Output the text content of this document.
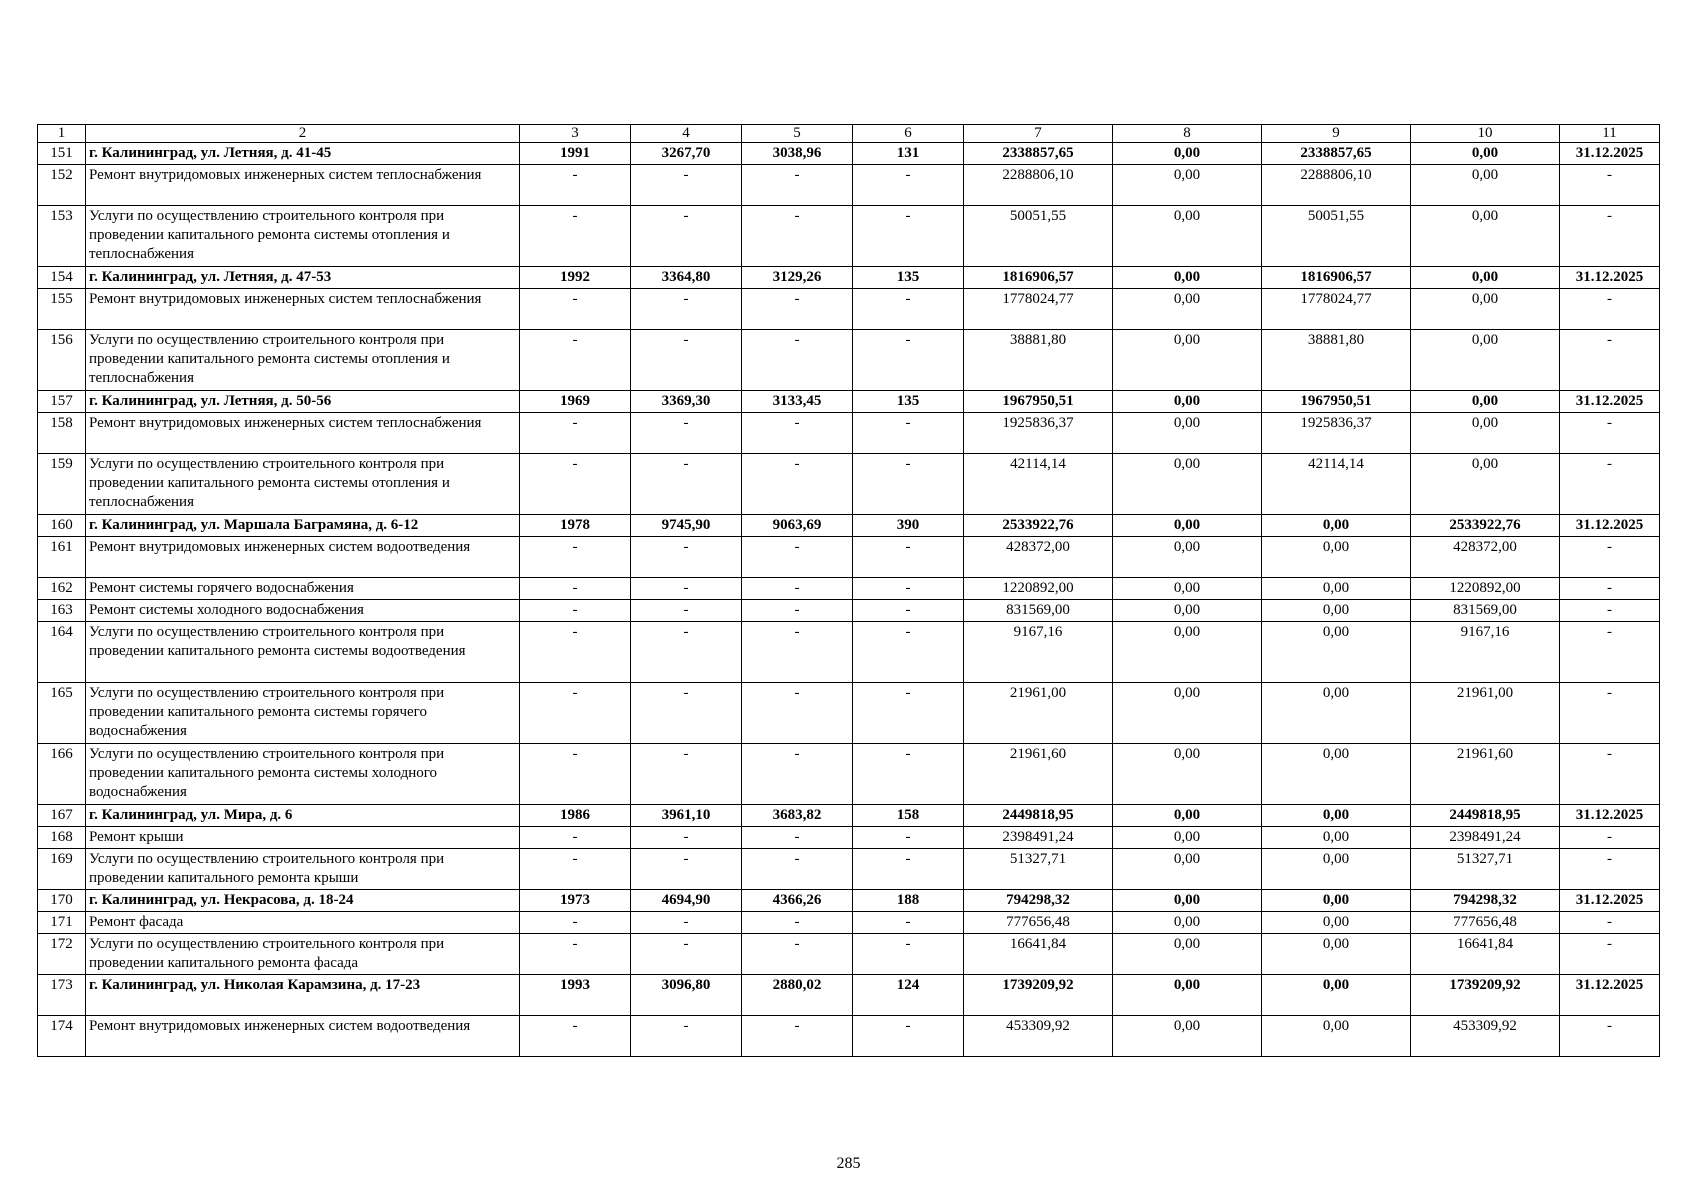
1	2	3	4	5	6	7	8	9	10	11
151	г. Калининград, ул. Летняя, д. 41-45	1991	3267,70	3038,96	131	2338857,65	0,00	2338857,65	0,00	31.12.2025
152	Ремонт внутридомовых инженерных систем теплоснабжения	-	-	-	-	2288806,10	0,00	2288806,10	0,00	-
153	Услуги по осуществлению строительного контроля при проведении капитального ремонта системы отопления и теплоснабжения	-	-	-	-	50051,55	0,00	50051,55	0,00	-
154	г. Калининград, ул. Летняя, д. 47-53	1992	3364,80	3129,26	135	1816906,57	0,00	1816906,57	0,00	31.12.2025
155	Ремонт внутридомовых инженерных систем теплоснабжения	-	-	-	-	1778024,77	0,00	1778024,77	0,00	-
156	Услуги по осуществлению строительного контроля при проведении капитального ремонта системы отопления и теплоснабжения	-	-	-	-	38881,80	0,00	38881,80	0,00	-
157	г. Калининград, ул. Летняя, д. 50-56	1969	3369,30	3133,45	135	1967950,51	0,00	1967950,51	0,00	31.12.2025
158	Ремонт внутридомовых инженерных систем теплоснабжения	-	-	-	-	1925836,37	0,00	1925836,37	0,00	-
159	Услуги по осуществлению строительного контроля при проведении капитального ремонта системы отопления и теплоснабжения	-	-	-	-	42114,14	0,00	42114,14	0,00	-
160	г. Калининград, ул. Маршала Баграмяна, д. 6-12	1978	9745,90	9063,69	390	2533922,76	0,00	0,00	2533922,76	31.12.2025
161	Ремонт внутридомовых инженерных систем водоотведения	-	-	-	-	428372,00	0,00	0,00	428372,00	-
162	Ремонт системы горячего водоснабжения	-	-	-	-	1220892,00	0,00	0,00	1220892,00	-
163	Ремонт системы холодного водоснабжения	-	-	-	-	831569,00	0,00	0,00	831569,00	-
164	Услуги по осуществлению строительного контроля при проведении капитального ремонта системы водоотведения	-	-	-	-	9167,16	0,00	0,00	9167,16	-
165	Услуги по осуществлению строительного контроля при проведении капитального ремонта системы горячего водоснабжения	-	-	-	-	21961,00	0,00	0,00	21961,00	-
166	Услуги по осуществлению строительного контроля при проведении капитального ремонта системы холодного водоснабжения	-	-	-	-	21961,60	0,00	0,00	21961,60	-
167	г. Калининград, ул. Мира, д. 6	1986	3961,10	3683,82	158	2449818,95	0,00	0,00	2449818,95	31.12.2025
168	Ремонт крыши	-	-	-	-	2398491,24	0,00	0,00	2398491,24	-
169	Услуги по осуществлению строительного контроля при проведении капитального ремонта крыши	-	-	-	-	51327,71	0,00	0,00	51327,71	-
170	г. Калининград, ул. Некрасова, д. 18-24	1973	4694,90	4366,26	188	794298,32	0,00	0,00	794298,32	31.12.2025
171	Ремонт фасада	-	-	-	-	777656,48	0,00	0,00	777656,48	-
172	Услуги по осуществлению строительного контроля при проведении капитального ремонта фасада	-	-	-	-	16641,84	0,00	0,00	16641,84	-
173	г. Калининград, ул. Николая Карамзина, д. 17-23	1993	3096,80	2880,02	124	1739209,92	0,00	0,00	1739209,92	31.12.2025
174	Ремонт внутридомовых инженерных систем водоотведения	-	-	-	-	453309,92	0,00	0,00	453309,92	-
285
